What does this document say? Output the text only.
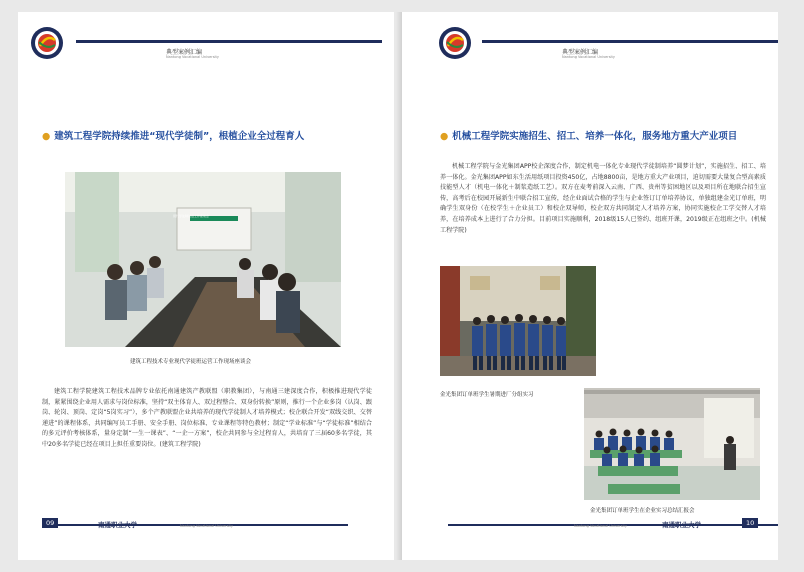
典型案例汇编
Nantong Vocational University
● 建筑工程学院持续推进“现代学徒制”，根植企业全过程育人
现代学徒制试点工作座谈会
建筑工程技术专业现代学徒班运营工作现场座谈会

建筑工程学院建筑工程技术品牌专业依托南通建筑产教联盟（职教集团），与南通三建深度合作，积极推进现代学徒制，紧紧围绕企业用人需求与岗位标准，坚持“双主体育人、双过程整合、双身份转换”原则，推行一个企业多岗（认岗、跟岗、轮岗、顶岗、定岗“5岗实习”），多个产教联盟企业共培养的现代学徒制人才培养模式；校企联合开发“双线交织、交替递进”的课程体系，共同编写员工手册、安全手册、岗位标准、专业课程等特色教材；制定“学业标准”与“学徒标准”相结合的多元评价考核体系，量身定制“一生一课表”、“一企一方案”，校企共同参与全过程育人，共培育了三届60多名学徒，其中20多名学徒已经在项目上担任重要岗位。(建筑工程学院)

09	Nantong Vocational University
南通职业大学
典型案例汇编
Nantong Vocational University
● 机械工程学院实施招生、招工、培养一体化，服务地方重大产业项目

机械工程学院与金光集团APP校企深度合作，制定机电一体化专业现代学徒制培养“圆梦计划”，实施招生、招工、培养一体化。金光集团APP如东生活用纸项目投资450亿，占地8800亩，是地方重大产业项目，迫切需要大量复合型高素质技能型人才（机电一体化＋制浆造纸工艺）。双方在麦考前深入云南、广西、贵州等贫困地区以及项目所在地联合招生宣传，高考后在校园开展新生中联合招工宣传，经企业面试合格的学生与企业签订订单培养协议，单独组建金光订单班，明确学生双身份（在校学生＋企业员工）和校企双导师，校企双方共同制定人才培养方案，协同实施校企工学交替人才培养，在培养成本上进行了合力分担。目前项目实施顺利，2018级15人已签约、组班开课，2019级正在组班之中。(机械工程学院)

金光集团订单班学生暑期进厂分组实习
金光集团订单班学生在企业实习总结汇报会
Nantong Vocational University	南通职业大学	10
